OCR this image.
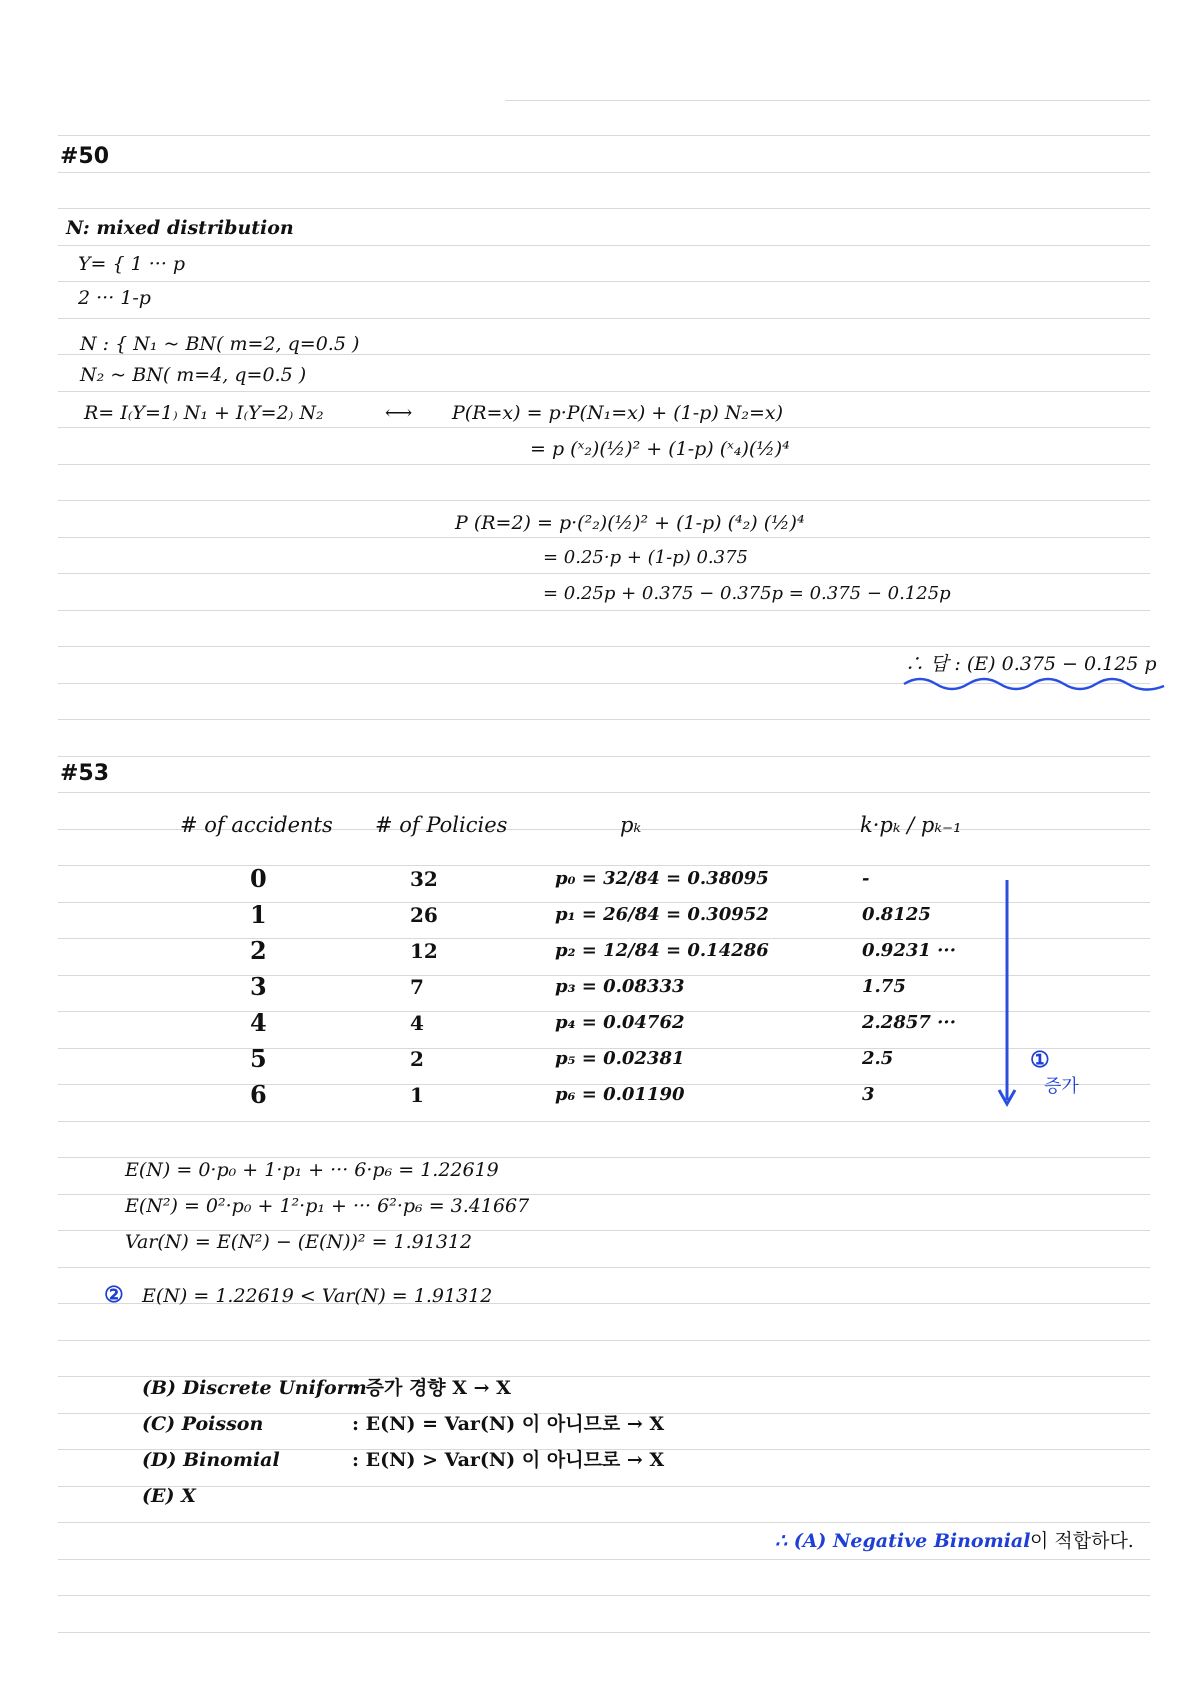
#50
N: mixed distribution
Y= { 1 ··· p
2 ··· 1-p
N : { N₁ ~ BN( m=2, q=0.5 )
N₂ ~ BN( m=4, q=0.5 )
R= I₍Y=1₎ N₁ + I₍Y=2₎ N₂	⟷ P(R=x) = p·P(N₁=x) + (1-p) N₂=x)
= p (ˣ₂)(½)² + (1-p) (ˣ₄)(½)⁴
P (R=2) = p·(²₂)(½)² + (1-p) (⁴₂) (½)⁴
= 0.25·p + (1-p) 0.375
= 0.25p + 0.375 − 0.375p = 0.375 − 0.125p
∴ 답 : (E) 0.375 − 0.125 p
#53
# of accidents # of Policies	pₖ	k·pₖ / pₖ₋₁
0	32	p₀ = 32/84 = 0.38095	-
1	26	p₁ = 26/84 = 0.30952	0.8125
2	12	p₂ = 12/84 = 0.14286	0.9231 ···
3	7	p₃ = 0.08333	1.75
4	4	p₄ = 0.04762	2.2857 ···
5	2	p₅ = 0.02381	2.5
6	1	p₆ = 0.01190	3
①
증가
E(N) = 0·p₀ + 1·p₁ + ··· 6·p₆ = 1.22619
E(N²) = 0²·p₀ + 1²·p₁ + ··· 6²·p₆ = 3.41667
Var(N) = E(N²) − (E(N))² = 1.91312
② E(N) = 1.22619 < Var(N) = 1.91312
(B) Discrete Uniform
: 증가 경향 X → X
(C) Poisson	: E(N) = Var(N) 이 아니므로 → X
(D) Binomial	: E(N) > Var(N) 이 아니므로 → X
(E) X
∴ (A) Negative Binomial 이 적합하다.
